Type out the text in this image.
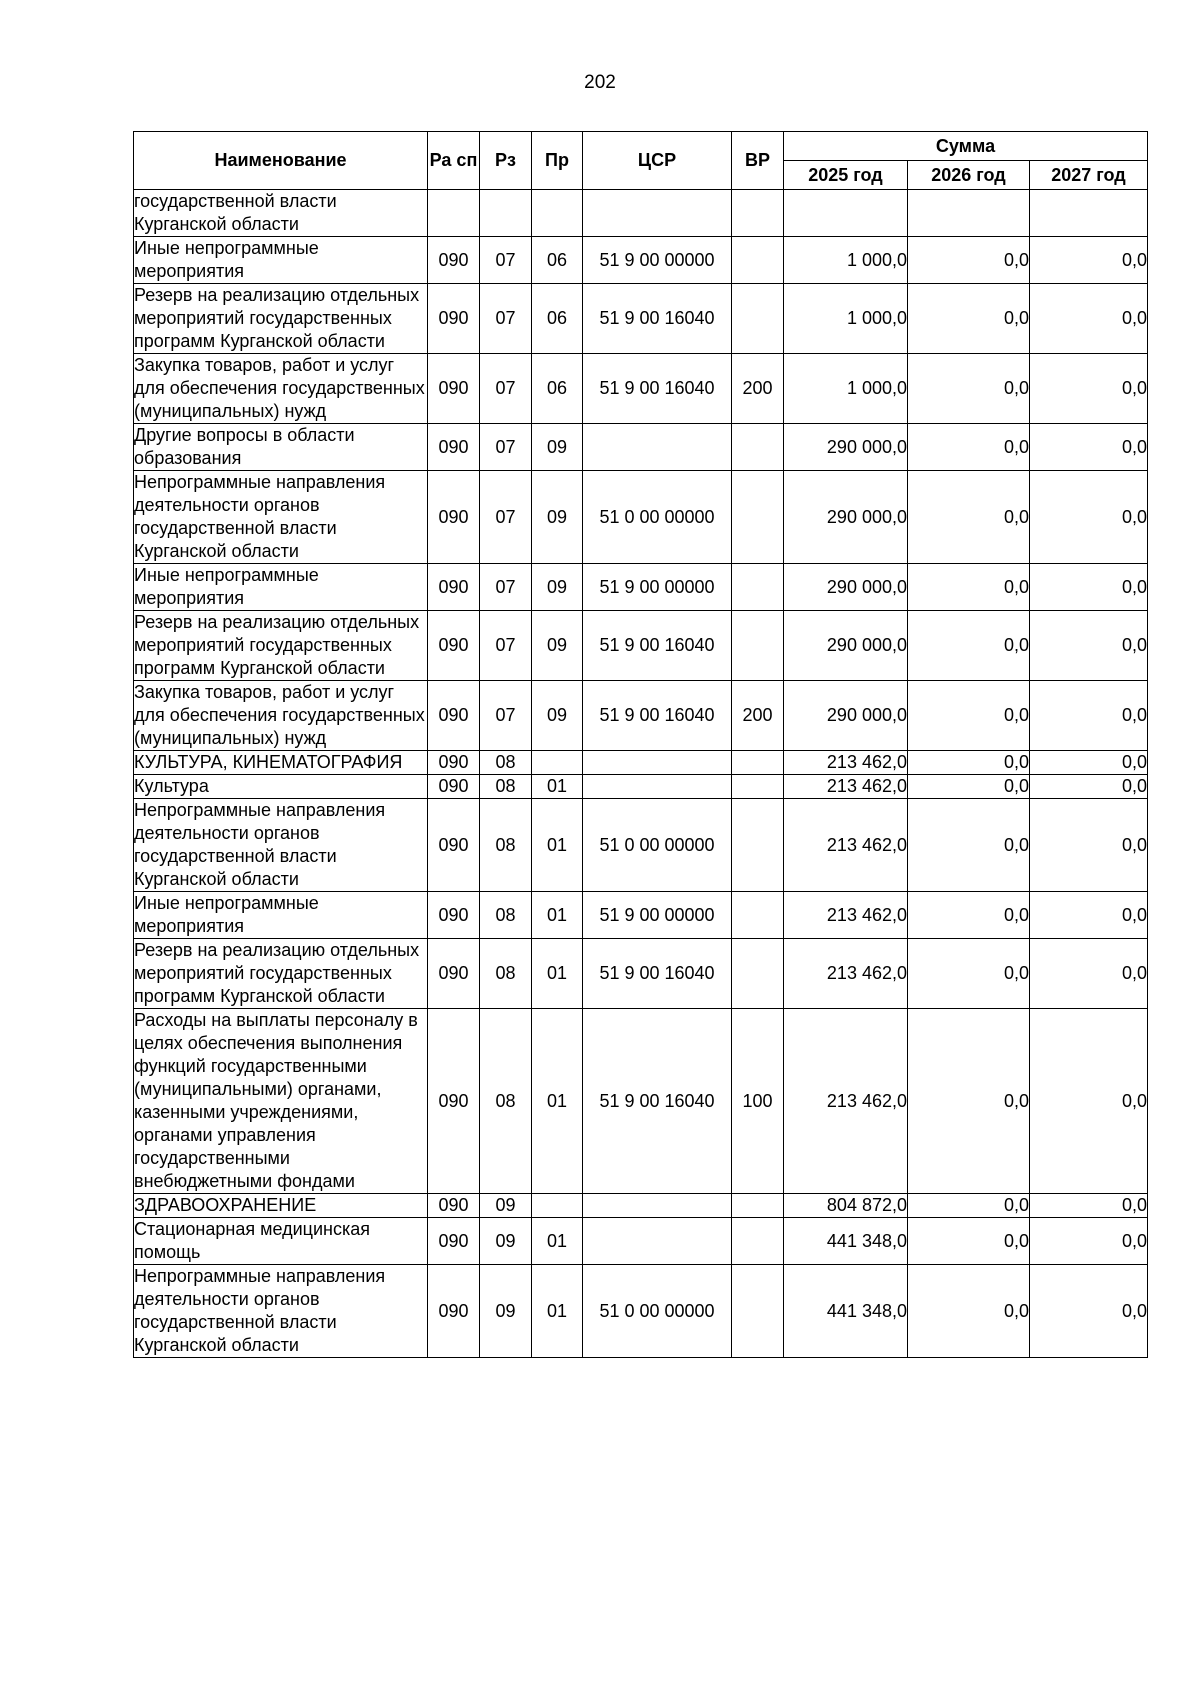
202
Наименование	Ра сп	Рз	Пр	ЦСР	ВР	Сумма		
						2025 год	2026 год	2027 год
государственной власти Курганской области								
Иные непрограммные мероприятия	090	07	06	51 9 00 00000		1 000,0	0,0	0,0
Резерв на реализацию отдельных мероприятий государственных программ Курганской области	090	07	06	51 9 00 16040		1 000,0	0,0	0,0
Закупка товаров, работ и услуг для обеспечения государственных (муниципальных) нужд	090	07	06	51 9 00 16040	200	1 000,0	0,0	0,0
Другие вопросы в области образования	090	07	09			290 000,0	0,0	0,0
Непрограммные направления деятельности органов государственной власти Курганской области	090	07	09	51 0 00 00000		290 000,0	0,0	0,0
Иные непрограммные мероприятия	090	07	09	51 9 00 00000		290 000,0	0,0	0,0
Резерв на реализацию отдельных мероприятий государственных программ Курганской области	090	07	09	51 9 00 16040		290 000,0	0,0	0,0
Закупка товаров, работ и услуг для обеспечения государственных (муниципальных) нужд	090	07	09	51 9 00 16040	200	290 000,0	0,0	0,0
КУЛЬТУРА, КИНЕМАТОГРАФИЯ	090	08				213 462,0	0,0	0,0
Культура	090	08	01			213 462,0	0,0	0,0
Непрограммные направления деятельности органов государственной власти Курганской области	090	08	01	51 0 00 00000		213 462,0	0,0	0,0
Иные непрограммные мероприятия	090	08	01	51 9 00 00000		213 462,0	0,0	0,0
Резерв на реализацию отдельных мероприятий государственных программ Курганской области	090	08	01	51 9 00 16040		213 462,0	0,0	0,0
Расходы на выплаты персоналу в целях обеспечения выполнения функций государственными (муниципальными) органами, казенными учреждениями, органами управления государственными внебюджетными фондами	090	08	01	51 9 00 16040	100	213 462,0	0,0	0,0
ЗДРАВООХРАНЕНИЕ	090	09				804 872,0	0,0	0,0
Стационарная медицинская помощь	090	09	01			441 348,0	0,0	0,0
Непрограммные направления деятельности органов государственной власти Курганской области	090	09	01	51 0 00 00000		441 348,0	0,0	0,0
